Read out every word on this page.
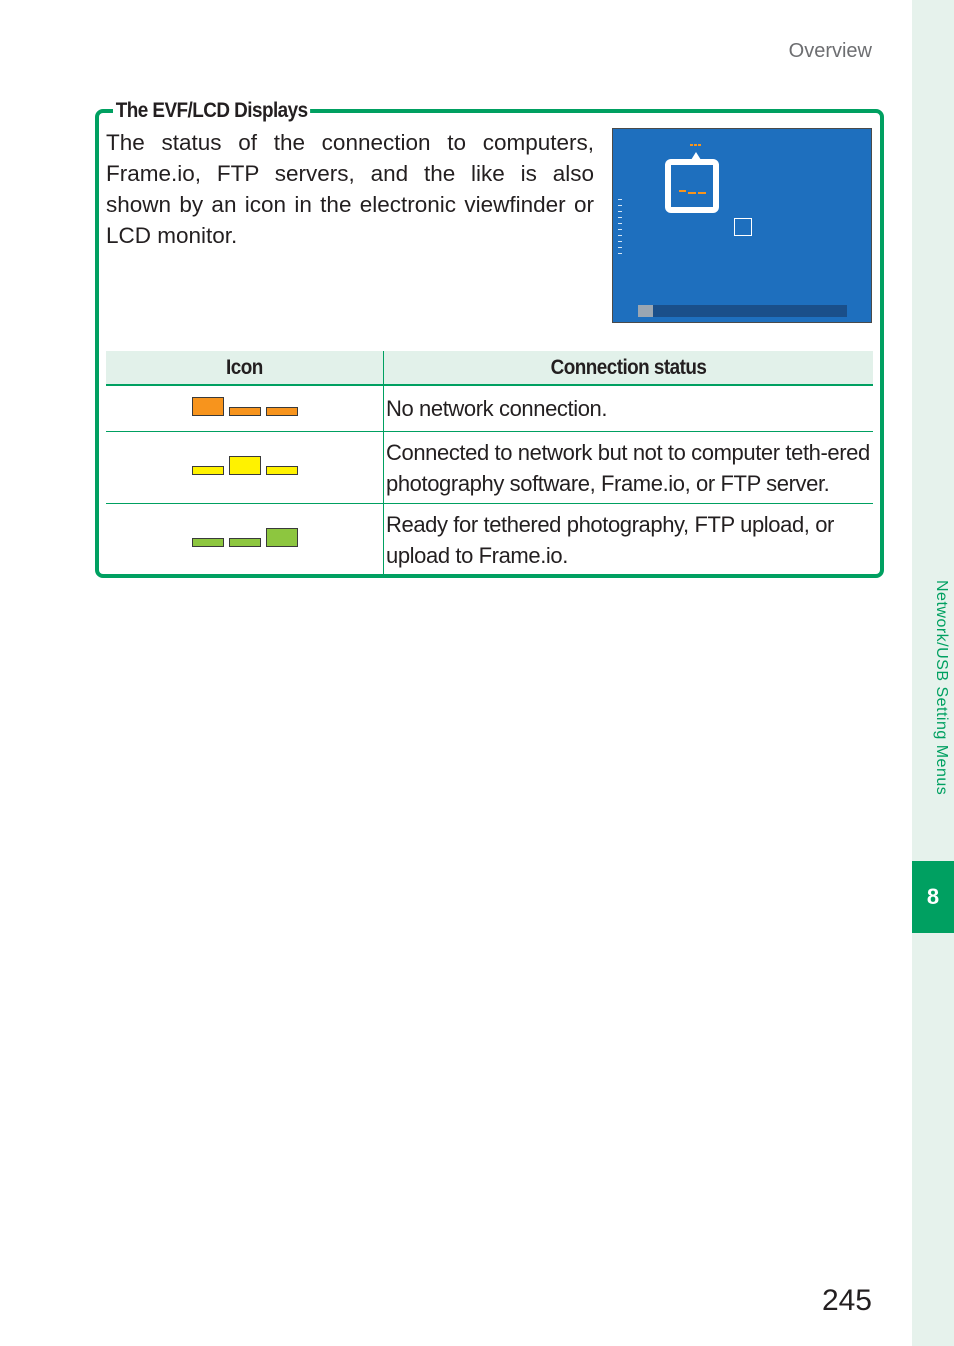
Overview
Network/USB Setting Menus
8
The EVF/LCD Displays
The status of the connection to computers, Frame.io, FTP servers, and the like is also shown by an icon in the electronic viewfinder or LCD monitor.
Icon	Connection status

	No network connection.

	Connected to network but not to computer teth-ered photography software, Frame.io, or FTP server.

	Ready for tethered photography, FTP upload, or upload to Frame.io.
245
